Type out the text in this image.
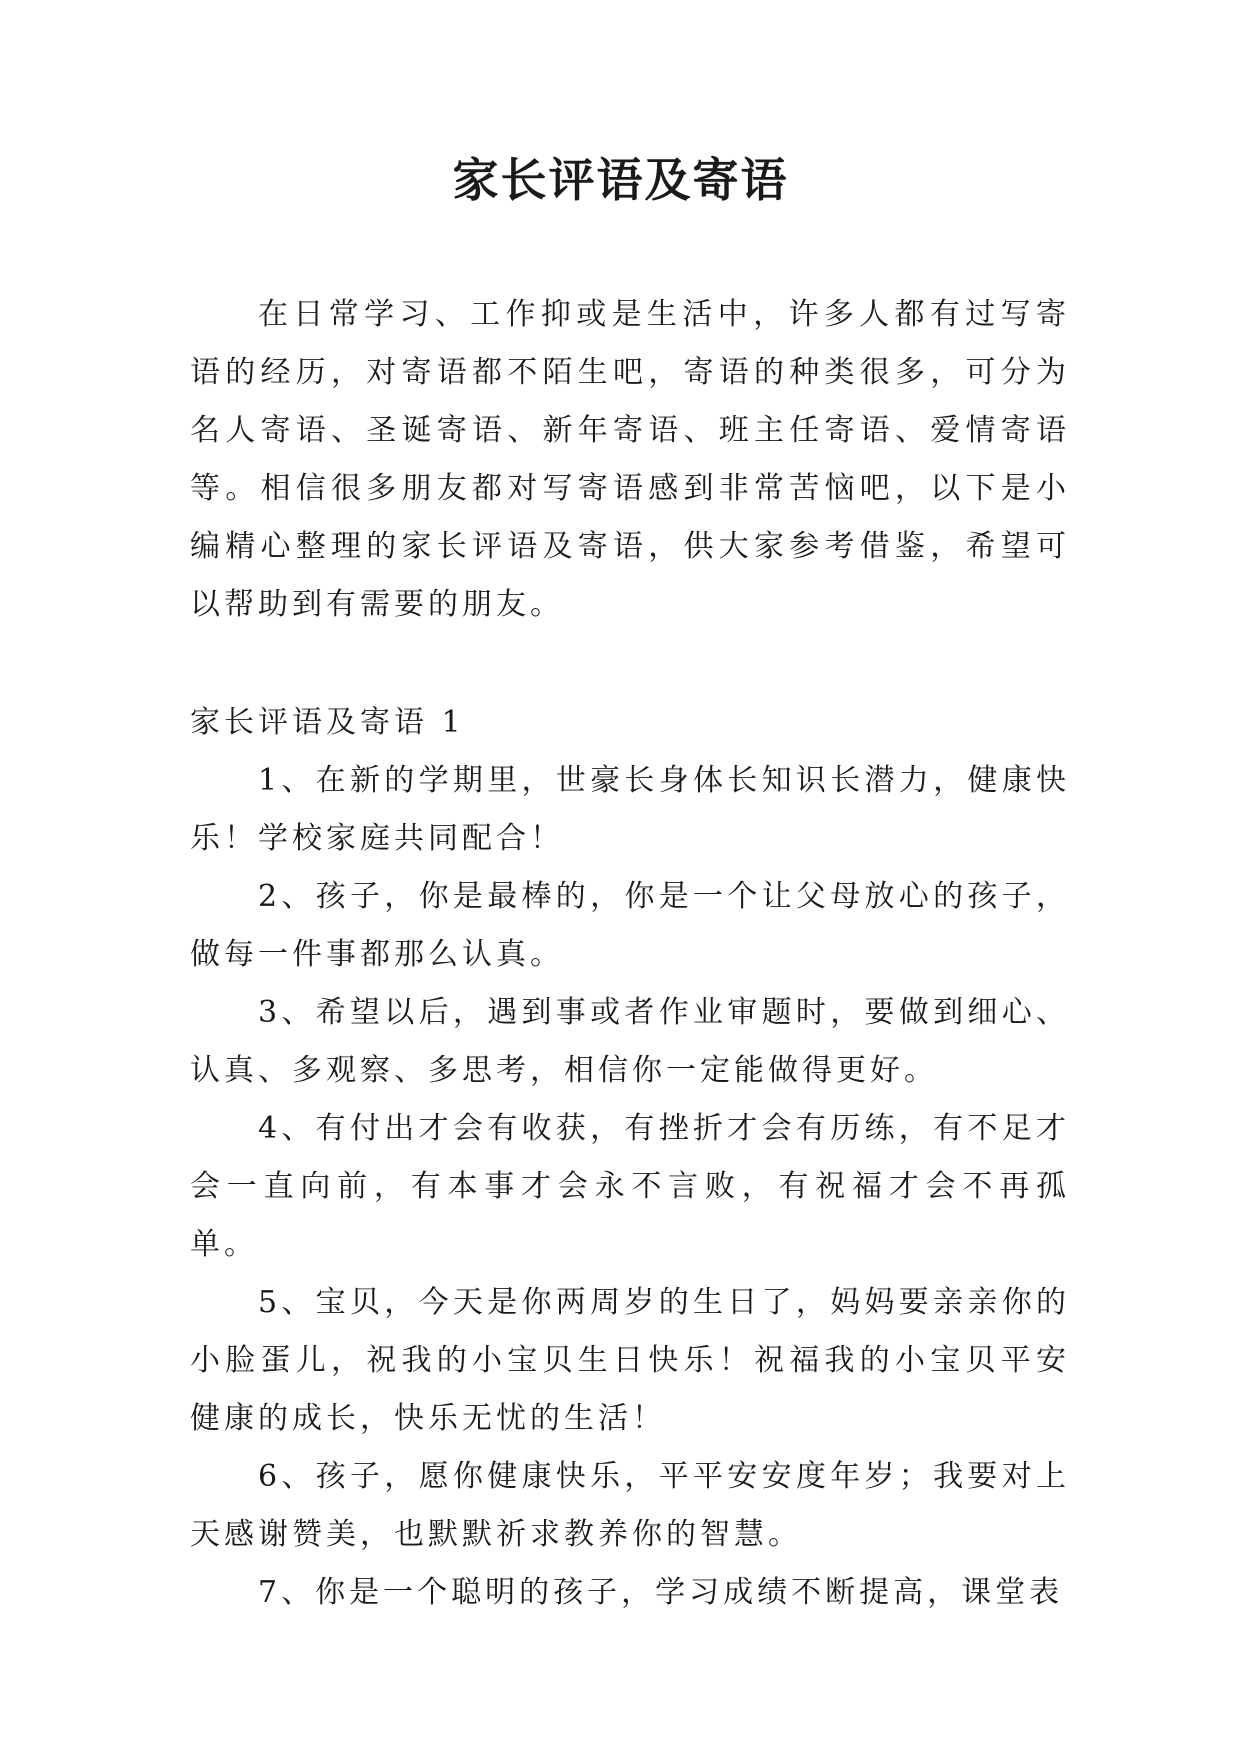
家长评语及寄语

在日常学习、工作抑或是生活中，许多人都有过写寄语的经历，对寄语都不陌生吧，寄语的种类很多，可分为名人寄语、圣诞寄语、新年寄语、班主任寄语、爱情寄语等。相信很多朋友都对写寄语感到非常苦恼吧，以下是小编精心整理的家长评语及寄语，供大家参考借鉴，希望可以帮助到有需要的朋友。

家长评语及寄语 1
1、在新的学期里，世豪长身体长知识长潜力，健康快乐！学校家庭共同配合！
2、孩子，你是最棒的，你是一个让父母放心的孩子，做每一件事都那么认真。
3、希望以后，遇到事或者作业审题时，要做到细心、认真、多观察、多思考，相信你一定能做得更好。
4、有付出才会有收获，有挫折才会有历练，有不足才会一直向前，有本事才会永不言败，有祝福才会不再孤单。
5、宝贝，今天是你两周岁的生日了，妈妈要亲亲你的小脸蛋儿，祝我的小宝贝生日快乐！祝福我的小宝贝平安健康的成长，快乐无忧的生活！
6、孩子，愿你健康快乐，平平安安度年岁；我要对上天感谢赞美，也默默祈求教养你的智慧。
7、你是一个聪明的孩子，学习成绩不断提高，课堂表
